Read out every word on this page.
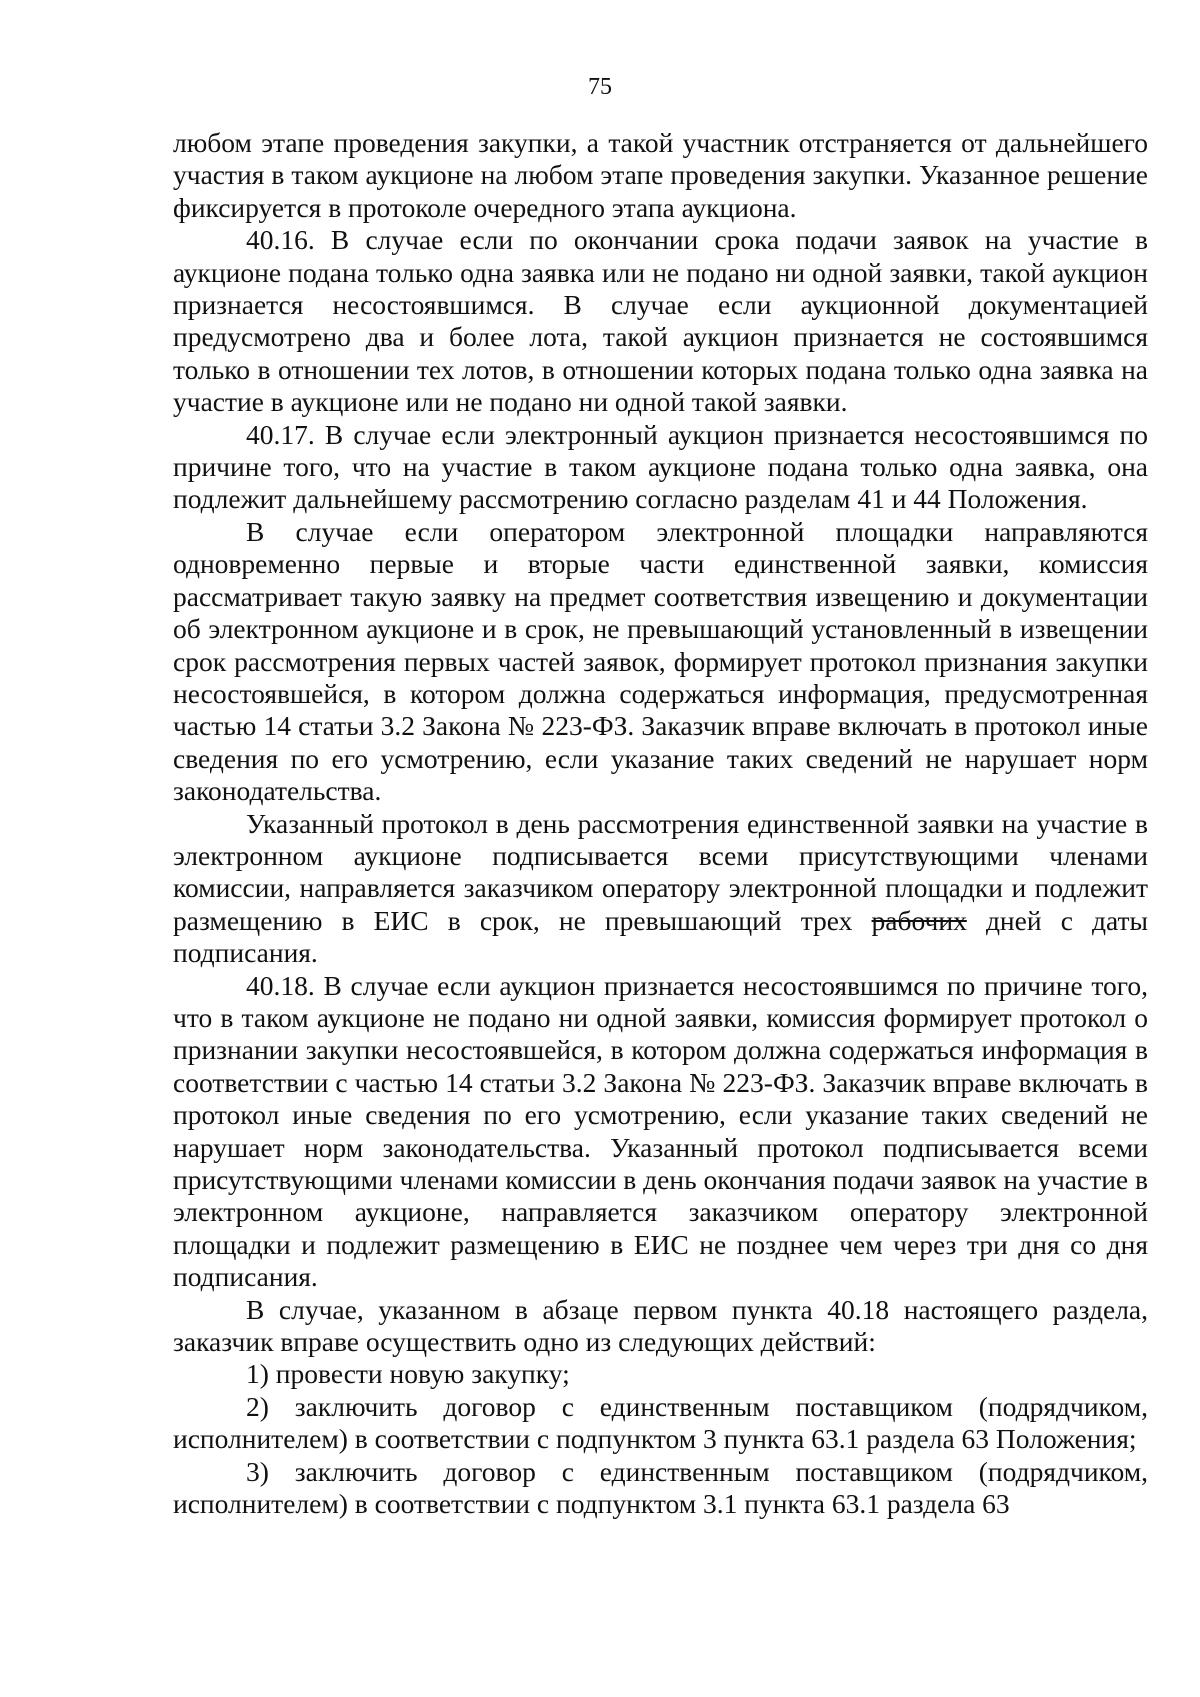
75

любом этапе проведения закупки, а такой участник отстраняется от дальнейшего участия в таком аукционе на любом этапе проведения закупки. Указанное решение фиксируется в протоколе очередного этапа аукциона.

40.16. В случае если по окончании срока подачи заявок на участие в аукционе подана только одна заявка или не подано ни одной заявки, такой аукцион признается несостоявшимся. В случае если аукционной документацией предусмотрено два и более лота, такой аукцион признается не состоявшимся только в отношении тех лотов, в отношении которых подана только одна заявка на участие в аукционе или не подано ни одной такой заявки.

40.17. В случае если электронный аукцион признается несостоявшимся по причине того, что на участие в таком аукционе подана только одна заявка, она подлежит дальнейшему рассмотрению согласно разделам 41 и 44 Положения.

В случае если оператором электронной площадки направляются одновременно первые и вторые части единственной заявки, комиссия рассматривает такую заявку на предмет соответствия извещению и документации об электронном аукционе и в срок, не превышающий установленный в извещении срок рассмотрения первых частей заявок, формирует протокол признания закупки несостоявшейся, в котором должна содержаться информация, предусмотренная частью 14 статьи 3.2 Закона № 223-ФЗ. Заказчик вправе включать в протокол иные сведения по его усмотрению, если указание таких сведений не нарушает норм законодательства.

Указанный протокол в день рассмотрения единственной заявки на участие в электронном аукционе подписывается всеми присутствующими членами комиссии, направляется заказчиком оператору электронной площадки и подлежит размещению в ЕИС в срок, не превышающий трех рабочих дней с даты подписания.

40.18. В случае если аукцион признается несостоявшимся по причине того, что в таком аукционе не подано ни одной заявки, комиссия формирует протокол о признании закупки несостоявшейся, в котором должна содержаться информация в соответствии с частью 14 статьи 3.2 Закона № 223-ФЗ. Заказчик вправе включать в протокол иные сведения по его усмотрению, если указание таких сведений не нарушает норм законодательства. Указанный протокол подписывается всеми присутствующими членами комиссии в день окончания подачи заявок на участие в электронном аукционе, направляется заказчиком оператору электронной площадки и подлежит размещению в ЕИС не позднее чем через три дня со дня подписания.

В случае, указанном в абзаце первом пункта 40.18 настоящего раздела, заказчик вправе осуществить одно из следующих действий:

1) провести новую закупку;

2) заключить договор с единственным поставщиком (подрядчиком, исполнителем) в соответствии с подпунктом 3 пункта 63.1 раздела 63 Положения;

3) заключить договор с единственным поставщиком (подрядчиком, исполнителем) в соответствии с подпунктом 3.1 пункта 63.1 раздела 63
